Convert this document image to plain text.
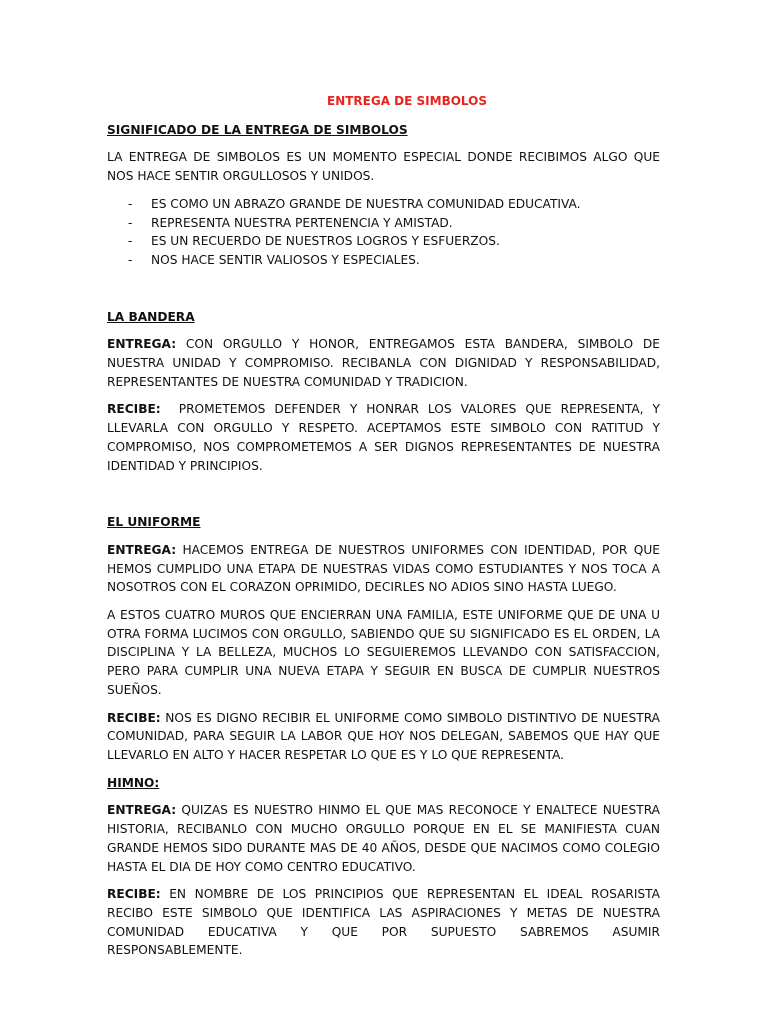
ENTREGA DE SIMBOLOS
SIGNIFICADO DE LA ENTREGA DE SIMBOLOS

LA ENTREGA DE SIMBOLOS ES UN MOMENTO ESPECIAL DONDE RECIBIMOS ALGO QUE NOS HACE SENTIR ORGULLOSOS Y UNIDOS.

- ES COMO UN ABRAZO GRANDE DE NUESTRA COMUNIDAD EDUCATIVA.
- REPRESENTA NUESTRA PERTENENCIA Y AMISTAD.
- ES UN RECUERDO DE NUESTROS LOGROS Y ESFUERZOS.
- NOS HACE SENTIR VALIOSOS Y ESPECIALES.
LA BANDERA

ENTREGA: CON ORGULLO Y HONOR, ENTREGAMOS ESTA BANDERA, SIMBOLO DE NUESTRA UNIDAD Y COMPROMISO. RECIBANLA CON DIGNIDAD Y RESPONSABILIDAD, REPRESENTANTES DE NUESTRA COMUNIDAD Y TRADICION.

RECIBE: PROMETEMOS DEFENDER Y HONRAR LOS VALORES QUE REPRESENTA, Y LLEVARLA CON ORGULLO Y RESPETO. ACEPTAMOS ESTE SIMBOLO CON RATITUD Y COMPROMISO, NOS COMPROMETEMOS A SER DIGNOS REPRESENTANTES DE NUESTRA IDENTIDAD Y PRINCIPIOS.

EL UNIFORME

ENTREGA: HACEMOS ENTREGA DE NUESTROS UNIFORMES CON IDENTIDAD, POR QUE HEMOS CUMPLIDO UNA ETAPA DE NUESTRAS VIDAS COMO ESTUDIANTES Y NOS TOCA A NOSOTROS CON EL CORAZON OPRIMIDO, DECIRLES NO ADIOS SINO HASTA LUEGO.

A ESTOS CUATRO MUROS QUE ENCIERRAN UNA FAMILIA, ESTE UNIFORME QUE DE UNA U OTRA FORMA LUCIMOS CON ORGULLO, SABIENDO QUE SU SIGNIFICADO ES EL ORDEN, LA DISCIPLINA Y LA BELLEZA, MUCHOS LO SEGUIEREMOS LLEVANDO CON SATISFACCION, PERO PARA CUMPLIR UNA NUEVA ETAPA Y SEGUIR EN BUSCA DE CUMPLIR NUESTROS SUEÑOS.

RECIBE: NOS ES DIGNO RECIBIR EL UNIFORME COMO SIMBOLO DISTINTIVO DE NUESTRA COMUNIDAD, PARA SEGUIR LA LABOR QUE HOY NOS DELEGAN, SABEMOS QUE HAY QUE LLEVARLO EN ALTO Y HACER RESPETAR LO QUE ES Y LO QUE REPRESENTA.

HIMNO:

ENTREGA: QUIZAS ES NUESTRO HINMO EL QUE MAS RECONOCE Y ENALTECE NUESTRA HISTORIA, RECIBANLO CON MUCHO ORGULLO PORQUE EN EL SE MANIFIESTA CUAN GRANDE HEMOS SIDO DURANTE MAS DE 40 AÑOS, DESDE QUE NACIMOS COMO COLEGIO HASTA EL DIA DE HOY COMO CENTRO EDUCATIVO.

RECIBE: EN NOMBRE DE LOS PRINCIPIOS QUE REPRESENTAN EL IDEAL ROSARISTA RECIBO ESTE SIMBOLO QUE IDENTIFICA LAS ASPIRACIONES Y METAS DE NUESTRA COMUNIDAD EDUCATIVA Y QUE POR SUPUESTO SABREMOS ASUMIR RESPONSABLEMENTE.
